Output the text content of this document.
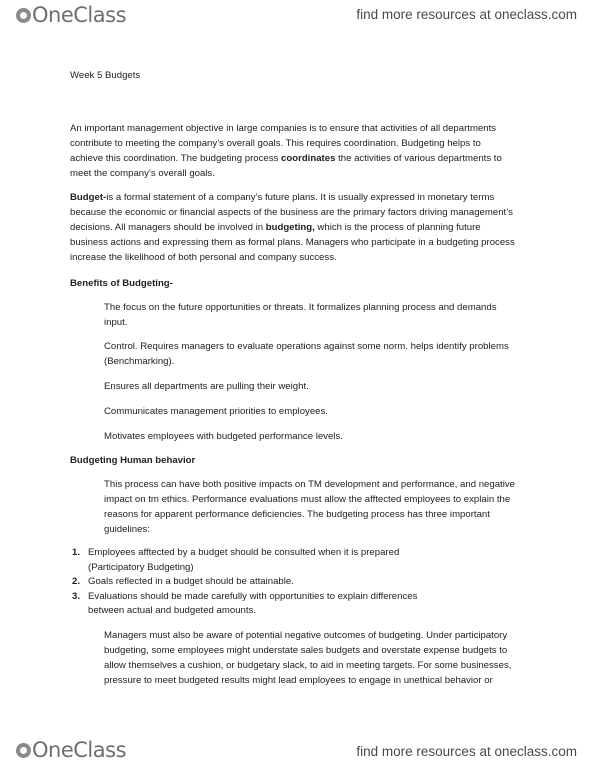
OneClass	find more resources at oneclass.com

Week 5 Budgets

An important management objective in large companies is to ensure that activities of all departments
contribute to meeting the company’s overall goals. This requires coordination. Budgeting helps to
achieve this coordination. The budgeting process coordinates the activities of various departments to
meet the company’s overall goals.

Budget-is a formal statement of a company’s future plans. It is usually expressed in monetary terms
because the economic or financial aspects of the business are the primary factors driving management’s
decisions. All managers should be involved in budgeting, which is the process of planning future
business actions and expressing them as formal plans. Managers who participate in a budgeting process
increase the likelihood of both personal and company success.

Benefits of Budgeting-

The focus on the future opportunities or threats. It formalizes planning process and demands
input.

Control. Requires managers to evaluate operations against some norm. helps identify problems
(Benchmarking).

Ensures all departments are pulling their weight.

Communicates management priorities to employees.

Motivates employees with budgeted performance levels.

Budgeting Human behavior

This process can have both positive impacts on TM development and performance, and negative
impact on tm ethics. Performance evaluations must allow the afftected employees to explain the
reasons for apparent performance deficiencies. The budgeting process has three important
guidelines:

Managers must also be aware of potential negative outcomes of budgeting. Under participatory
budgeting, some employees might understate sales budgets and overstate expense budgets to
allow themselves a cushion, or budgetary slack, to aid in meeting targets. For some businesses,
pressure to meet budgeted results might lead employees to engage in unethical behavior or

1. Employees afftected by a budget should be consulted when it is prepared
(Participatory Budgeting)
2. Goals reflected in a budget should be attainable.
3. Evaluations should be made carefully with opportunities to explain differences
between actual and budgeted amounts.
OneClass	find more resources at oneclass.com
